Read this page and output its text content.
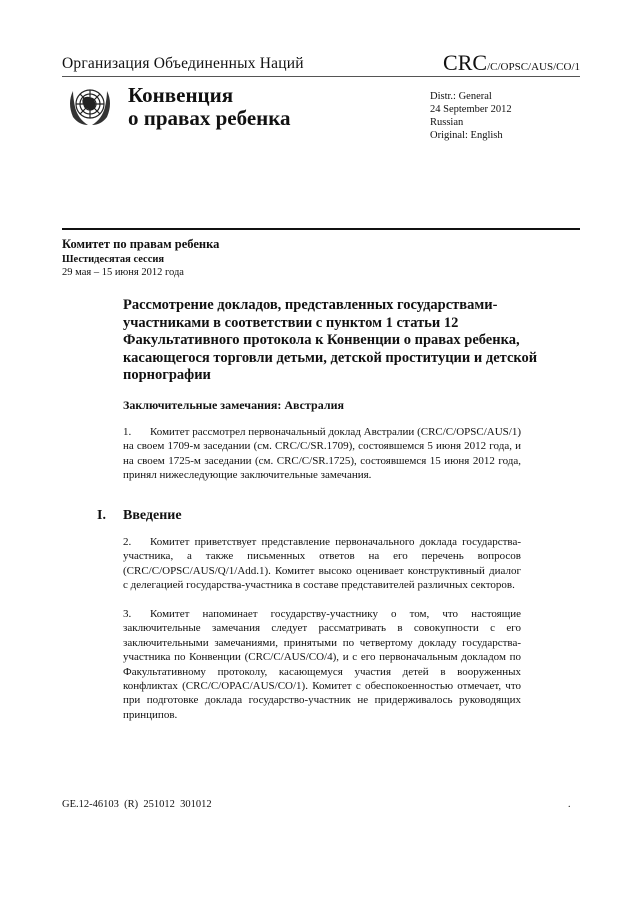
Организация Объединенных Наций	CRC/C/OPSC/AUS/CO/1
Конвенция
о правах ребенка
Distr.: General
24 September 2012
Russian
Original: English
Комитет по правам ребенка
Шестидесятая сессия
29 мая – 15 июня 2012 года
Рассмотрение докладов, представленных государствами-участниками в соответствии с пунктом 1 статьи 12 Факультативного протокола к Конвенции о правах ребенка, касающегося торговли детьми, детской проституции и детской порнографии
Заключительные замечания: Австралия
1. Комитет рассмотрел первоначальный доклад Австралии (CRC/C/OPSC/AUS/1) на своем 1709-м заседании (см. CRC/C/SR.1709), состоявшемся 5 июня 2012 года, и на своем 1725-м заседании (см. CRC/C/SR.1725), состоявшемся 15 июня 2012 года, принял нижеследующие заключительные замечания.
I. Введение
2. Комитет приветствует представление первоначального доклада государства-участника, а также письменных ответов на его перечень вопросов (CRC/C/OPSC/AUS/Q/1/Add.1). Комитет высоко оценивает конструктивный диалог с делегацией государства-участника в составе представителей различных секторов.
3. Комитет напоминает государству-участнику о том, что настоящие заключительные замечания следует рассматривать в совокупности с его заключительными замечаниями, принятыми по четвертому докладу государства-участника по Конвенции (CRC/C/AUS/CO/4), и с его первоначальным докладом по Факультативному протоколу, касающемуся участия детей в вооруженных конфликтах (CRC/C/OPAC/AUS/CO/1). Комитет с обеспокоенностью отмечает, что при подготовке доклада государство-участник не придерживалось руководящих принципов.
GE.12-46103  (R)  251012  301012	.
